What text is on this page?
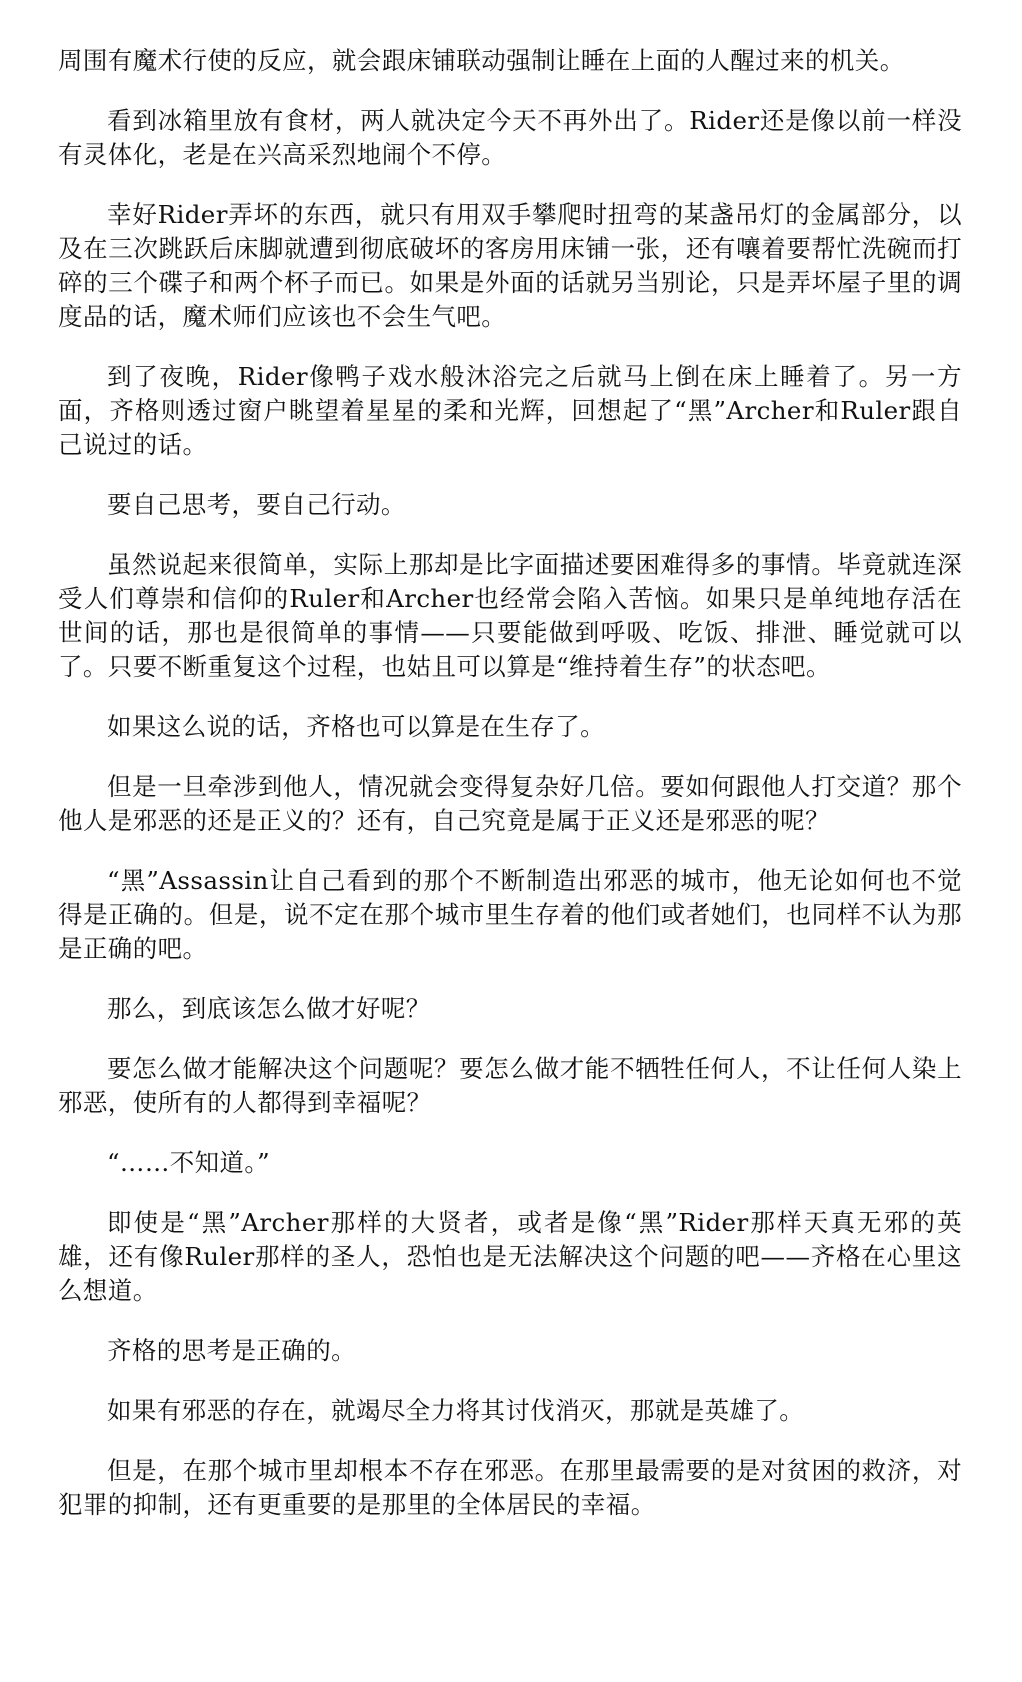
周围有魔术行使的反应，就会跟床铺联动强制让睡在上面的人醒过来的机关。

看到冰箱里放有食材，两人就决定今天不再外出了。Rider还是像以前一样没有灵体化，老是在兴高采烈地闹个不停。

幸好Rider弄坏的东西，就只有用双手攀爬时扭弯的某盏吊灯的金属部分，以及在三次跳跃后床脚就遭到彻底破坏的客房用床铺一张，还有嚷着要帮忙洗碗而打碎的三个碟子和两个杯子而已。如果是外面的话就另当别论，只是弄坏屋子里的调度品的话，魔术师们应该也不会生气吧。

到了夜晚，Rider像鸭子戏水般沐浴完之后就马上倒在床上睡着了。另一方面，齐格则透过窗户眺望着星星的柔和光辉，回想起了“黑”Archer和Ruler跟自己说过的话。

要自己思考，要自己行动。

虽然说起来很简单，实际上那却是比字面描述要困难得多的事情。毕竟就连深受人们尊崇和信仰的Ruler和Archer也经常会陷入苦恼。如果只是单纯地存活在世间的话，那也是很简单的事情——只要能做到呼吸、吃饭、排泄、睡觉就可以了。只要不断重复这个过程，也姑且可以算是“维持着生存”的状态吧。

如果这么说的话，齐格也可以算是在生存了。

但是一旦牵涉到他人，情况就会变得复杂好几倍。要如何跟他人打交道？那个他人是邪恶的还是正义的？还有，自己究竟是属于正义还是邪恶的呢？

“黑”Assassin让自己看到的那个不断制造出邪恶的城市，他无论如何也不觉得是正确的。但是，说不定在那个城市里生存着的他们或者她们，也同样不认为那是正确的吧。

那么，到底该怎么做才好呢？

要怎么做才能解决这个问题呢？要怎么做才能不牺牲任何人，不让任何人染上邪恶，使所有的人都得到幸福呢？

“……不知道。”

即使是“黑”Archer那样的大贤者，或者是像“黑”Rider那样天真无邪的英雄，还有像Ruler那样的圣人，恐怕也是无法解决这个问题的吧——齐格在心里这么想道。

齐格的思考是正确的。

如果有邪恶的存在，就竭尽全力将其讨伐消灭，那就是英雄了。

但是，在那个城市里却根本不存在邪恶。在那里最需要的是对贫困的救济，对犯罪的抑制，还有更重要的是那里的全体居民的幸福。
